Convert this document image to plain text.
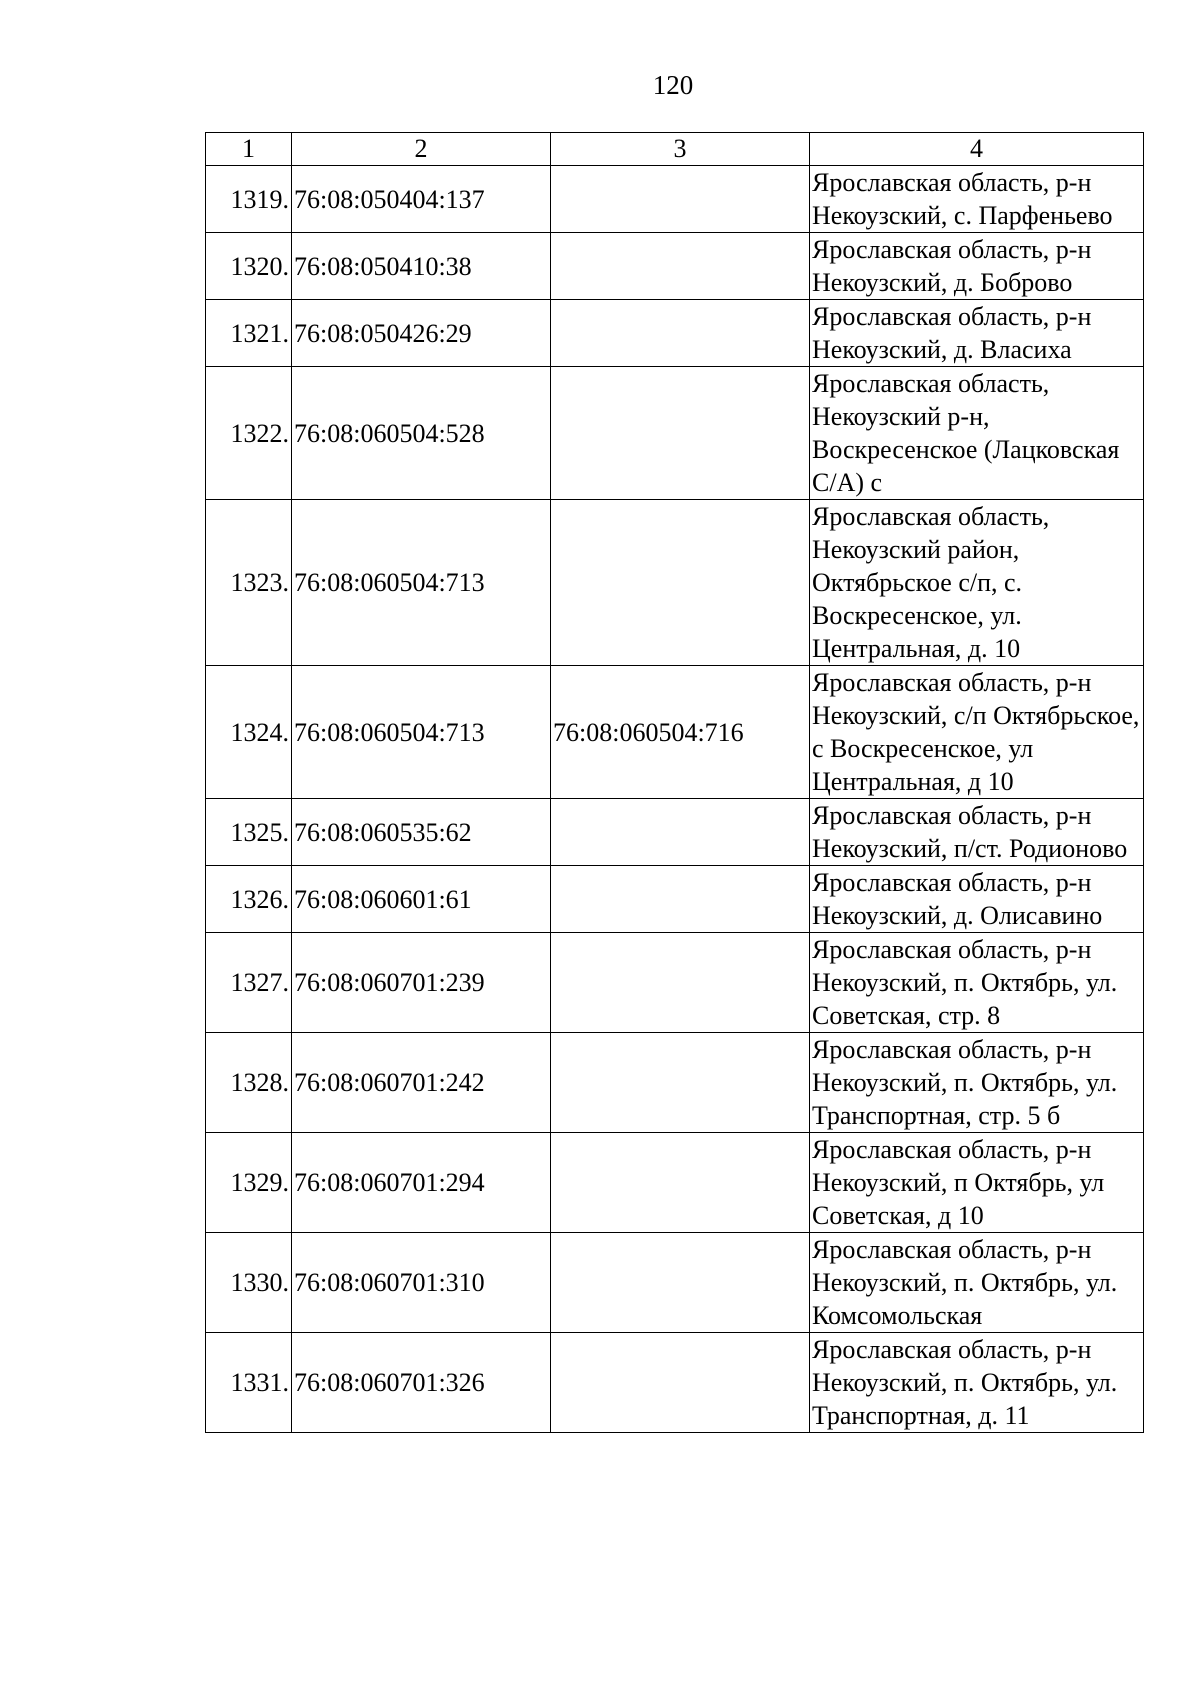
120
1	2	3	4
1319.	76:08:050404:137		Ярославская область, р-н Некоузский, с. Парфеньево
1320.	76:08:050410:38		Ярославская область, р-н Некоузский, д. Боброво
1321.	76:08:050426:29		Ярославская область, р-н Некоузский, д. Власиха
1322.	76:08:060504:528		Ярославская область, Некоузский р-н, Воскресенское (Лацковская С/А) с
1323.	76:08:060504:713		Ярославская область, Некоузский район, Октябрьское с/п, с. Воскресенское, ул. Центральная, д. 10
1324.	76:08:060504:713	76:08:060504:716	Ярославская область, р-н Некоузский, с/п Октябрьское, с Воскресенское, ул Центральная, д 10
1325.	76:08:060535:62		Ярославская область, р-н Некоузский, п/ст. Родионово
1326.	76:08:060601:61		Ярославская область, р-н Некоузский, д. Олисавино
1327.	76:08:060701:239		Ярославская область, р-н Некоузский, п. Октябрь, ул. Советская, стр. 8
1328.	76:08:060701:242		Ярославская область, р-н Некоузский, п. Октябрь, ул. Транспортная, стр. 5 б
1329.	76:08:060701:294		Ярославская область, р-н Некоузский, п Октябрь, ул Советская, д 10
1330.	76:08:060701:310		Ярославская область, р-н Некоузский, п. Октябрь, ул. Комсомольская
1331.	76:08:060701:326		Ярославская область, р-н Некоузский, п. Октябрь, ул. Транспортная, д. 11
